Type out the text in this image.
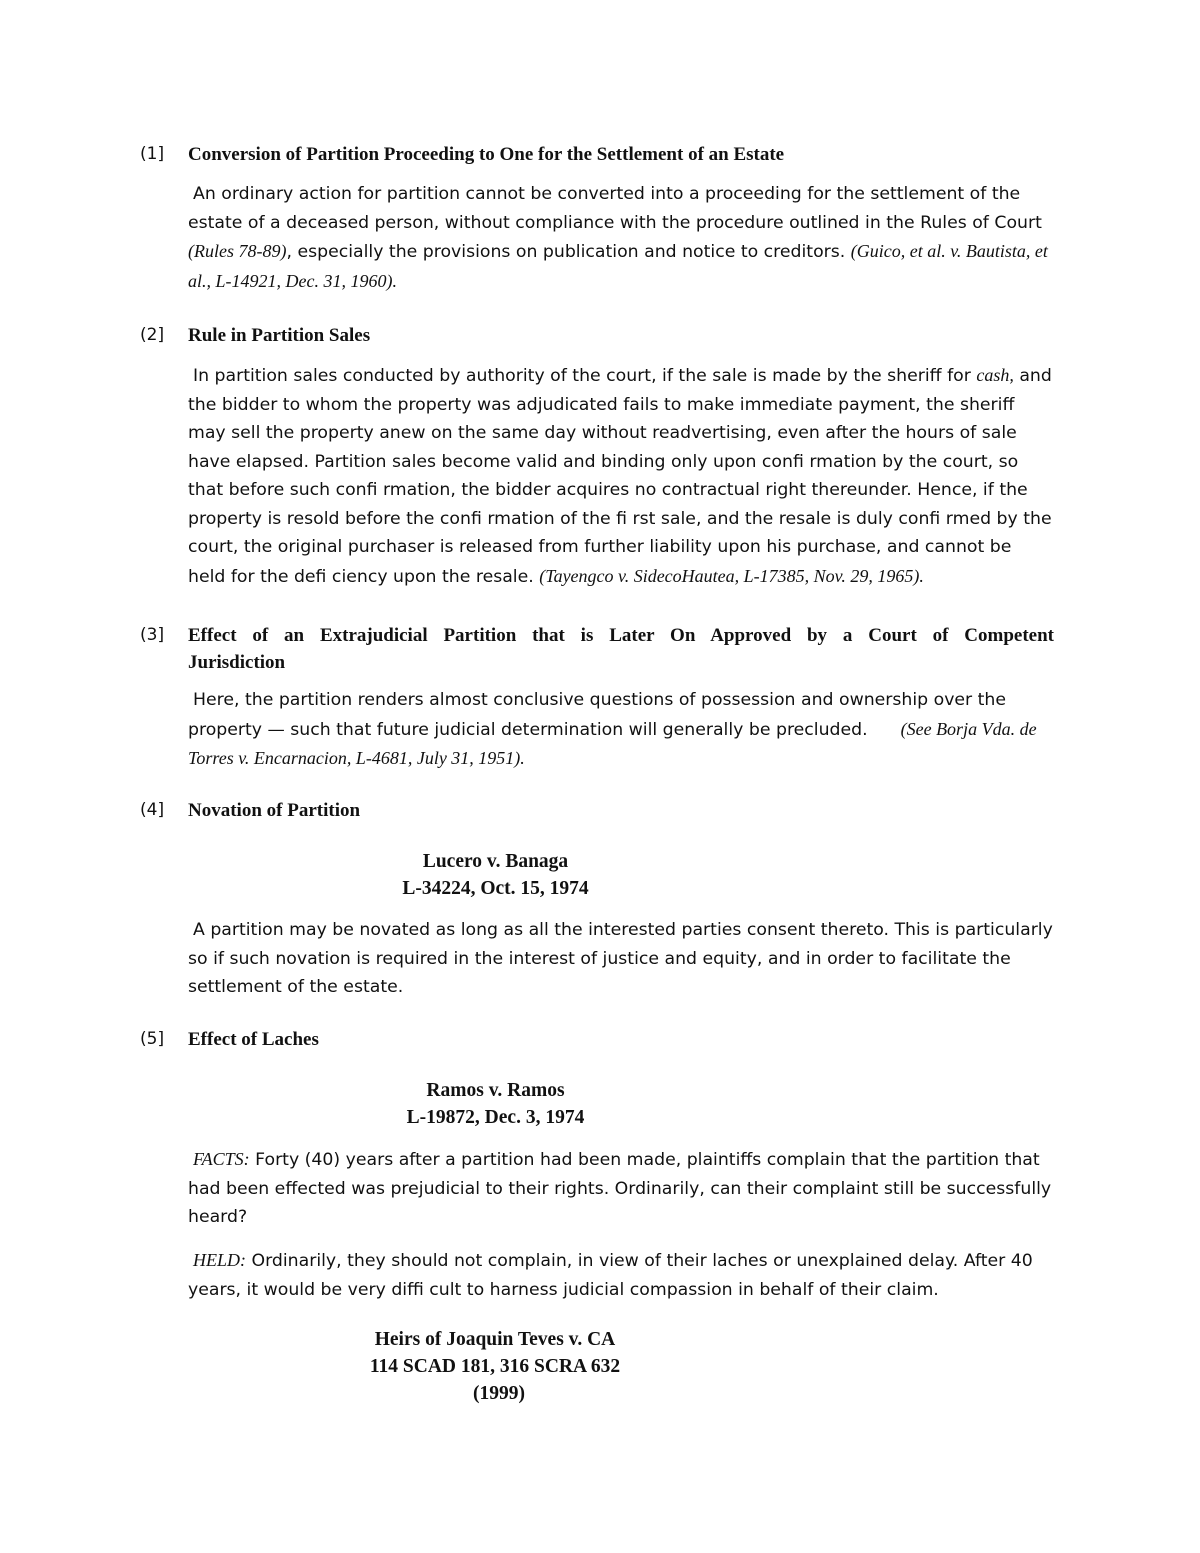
(1] Conversion of Partition Proceeding to One for the Settlement of an Estate

An ordinary action for partition cannot be converted into a proceeding for the settlement of the estate of a deceased person, without compliance with the procedure outlined in the Rules of Court (Rules 78-89), especially the provisions on publication and notice to creditors. (Guico, et al. v. Bautista, et al., L-14921, Dec. 31, 1960).

(2] Rule in Partition Sales

In partition sales conducted by authority of the court, if the sale is made by the sheriff for cash, and the bidder to whom the property was adjudicated fails to make immediate payment, the sheriff may sell the property anew on the same day without readvertising, even after the hours of sale have elapsed. Partition sales become valid and binding only upon confi rmation by the court, so that before such confi rmation, the bidder acquires no contractual right thereunder. Hence, if the property is resold before the confi rmation of the fi rst sale, and the resale is duly confi rmed by the court, the original purchaser is released from further liability upon his purchase, and cannot be held for the defi ciency upon the resale. (Tayengco v. SidecoHautea, L-17385, Nov. 29, 1965).

(3] Effect of an Extrajudicial Partition that is Later On Approved by a Court of Competent
Jurisdiction

Here, the partition renders almost conclusive questions of possession and ownership over the property — such that future judicial determination will generally be precluded.      (See Borja Vda. de Torres v. Encarnacion, L-4681, July 31, 1951).

(4] Novation of Partition
Lucero v. Banaga
L-34224, Oct. 15, 1974

A partition may be novated as long as all the interested parties consent thereto. This is particularly so if such novation is required in the interest of justice and equity, and in order to facilitate the settlement of the estate.

(5] Effect of Laches
Ramos v. Ramos
L-19872, Dec. 3, 1974

FACTS: Forty (40) years after a partition had been made, plaintiffs complain that the partition that had been effected was prejudicial to their rights. Ordinarily, can their complaint still be successfully heard?

HELD: Ordinarily, they should not complain, in view of their laches or unexplained delay. After 40 years, it would be very diffi cult to harness judicial compassion in behalf of their claim.

Heirs of Joaquin Teves v. CA
114 SCAD 181, 316 SCRA 632
(1999)
